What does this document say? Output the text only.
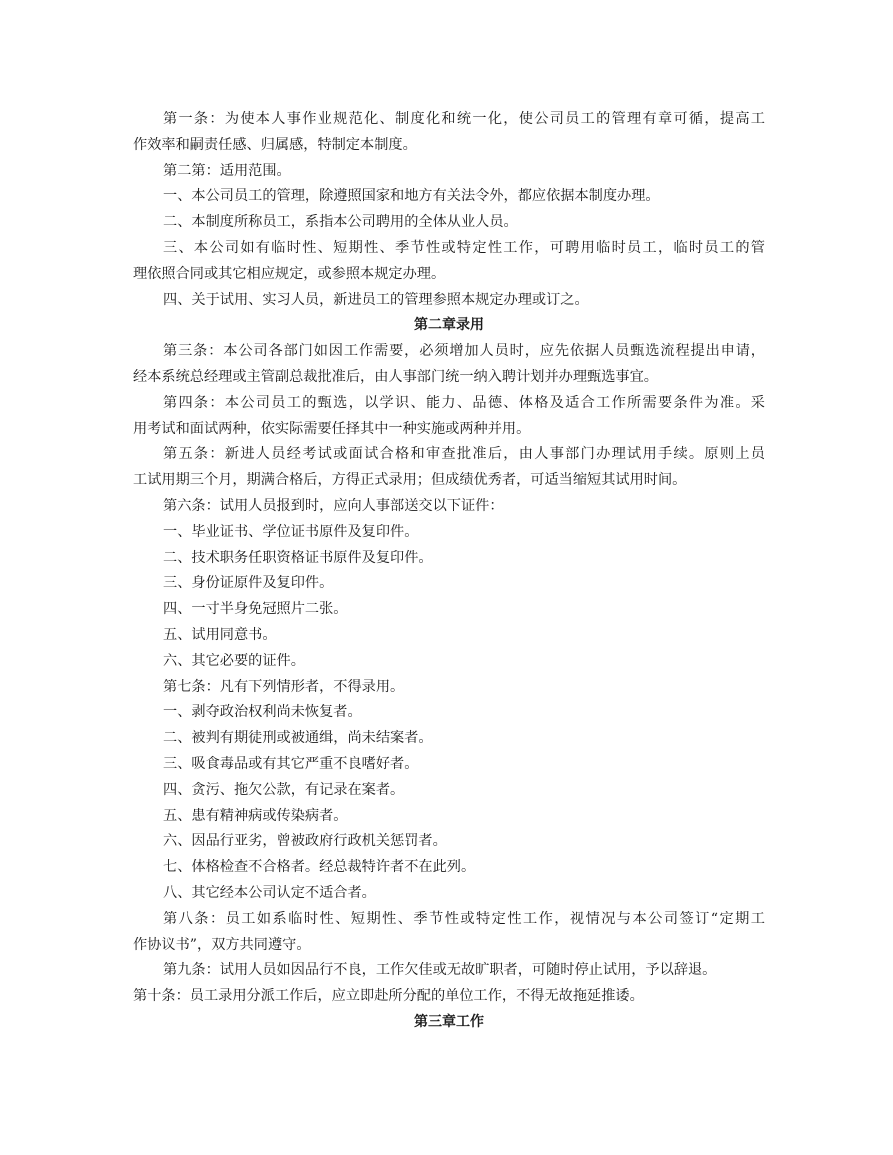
第一条：为使本人事作业规范化、制度化和统一化，使公司员工的管理有章可循，提高工
作效率和嗣责任感、归属感，特制定本制度。
第二第：适用范围。
一、本公司员工的管理，除遵照国家和地方有关法令外，都应依据本制度办理。
二、本制度所称员工，系指本公司聘用的全体从业人员。
三、本公司如有临时性、短期性、季节性或特定性工作，可聘用临时员工，临时员工的管
理依照合同或其它相应规定，或参照本规定办理。
四、关于试用、实习人员，新进员工的管理参照本规定办理或订之。
第二章录用
第三条：本公司各部门如因工作需要，必须增加人员时，应先依据人员甄选流程提出申请，
经本系统总经理或主管副总裁批准后，由人事部门统一纳入聘计划并办理甄选事宜。
第四条：本公司员工的甄选，以学识、能力、品德、体格及适合工作所需要条件为准。采
用考试和面试两种，依实际需要任择其中一种实施或两种并用。
第五条：新进人员经考试或面试合格和审查批准后，由人事部门办理试用手续。原则上员
工试用期三个月，期满合格后，方得正式录用；但成绩优秀者，可适当缩短其试用时间。
第六条：试用人员报到时，应向人事部送交以下证件：
一、毕业证书、学位证书原件及复印件。
二、技术职务任职资格证书原件及复印件。
三、身份证原件及复印件。
四、一寸半身免冠照片二张。
五、试用同意书。
六、其它必要的证件。
第七条：凡有下列情形者，不得录用。
一、剥夺政治权利尚未恢复者。
二、被判有期徒刑或被通缉，尚未结案者。
三、吸食毒品或有其它严重不良嗜好者。
四、贪污、拖欠公款，有记录在案者。
五、患有精神病或传染病者。
六、因品行亚劣，曾被政府行政机关惩罚者。
七、体格检查不合格者。经总裁特许者不在此列。
八、其它经本公司认定不适合者。
第八条：员工如系临时性、短期性、季节性或特定性工作，视情况与本公司签订“定期工
作协议书”，双方共同遵守。
第九条：试用人员如因品行不良，工作欠佳或无故旷职者，可随时停止试用，予以辞退。
第十条：员工录用分派工作后，应立即赴所分配的单位工作，不得无故拖延推诿。
第三章工作
